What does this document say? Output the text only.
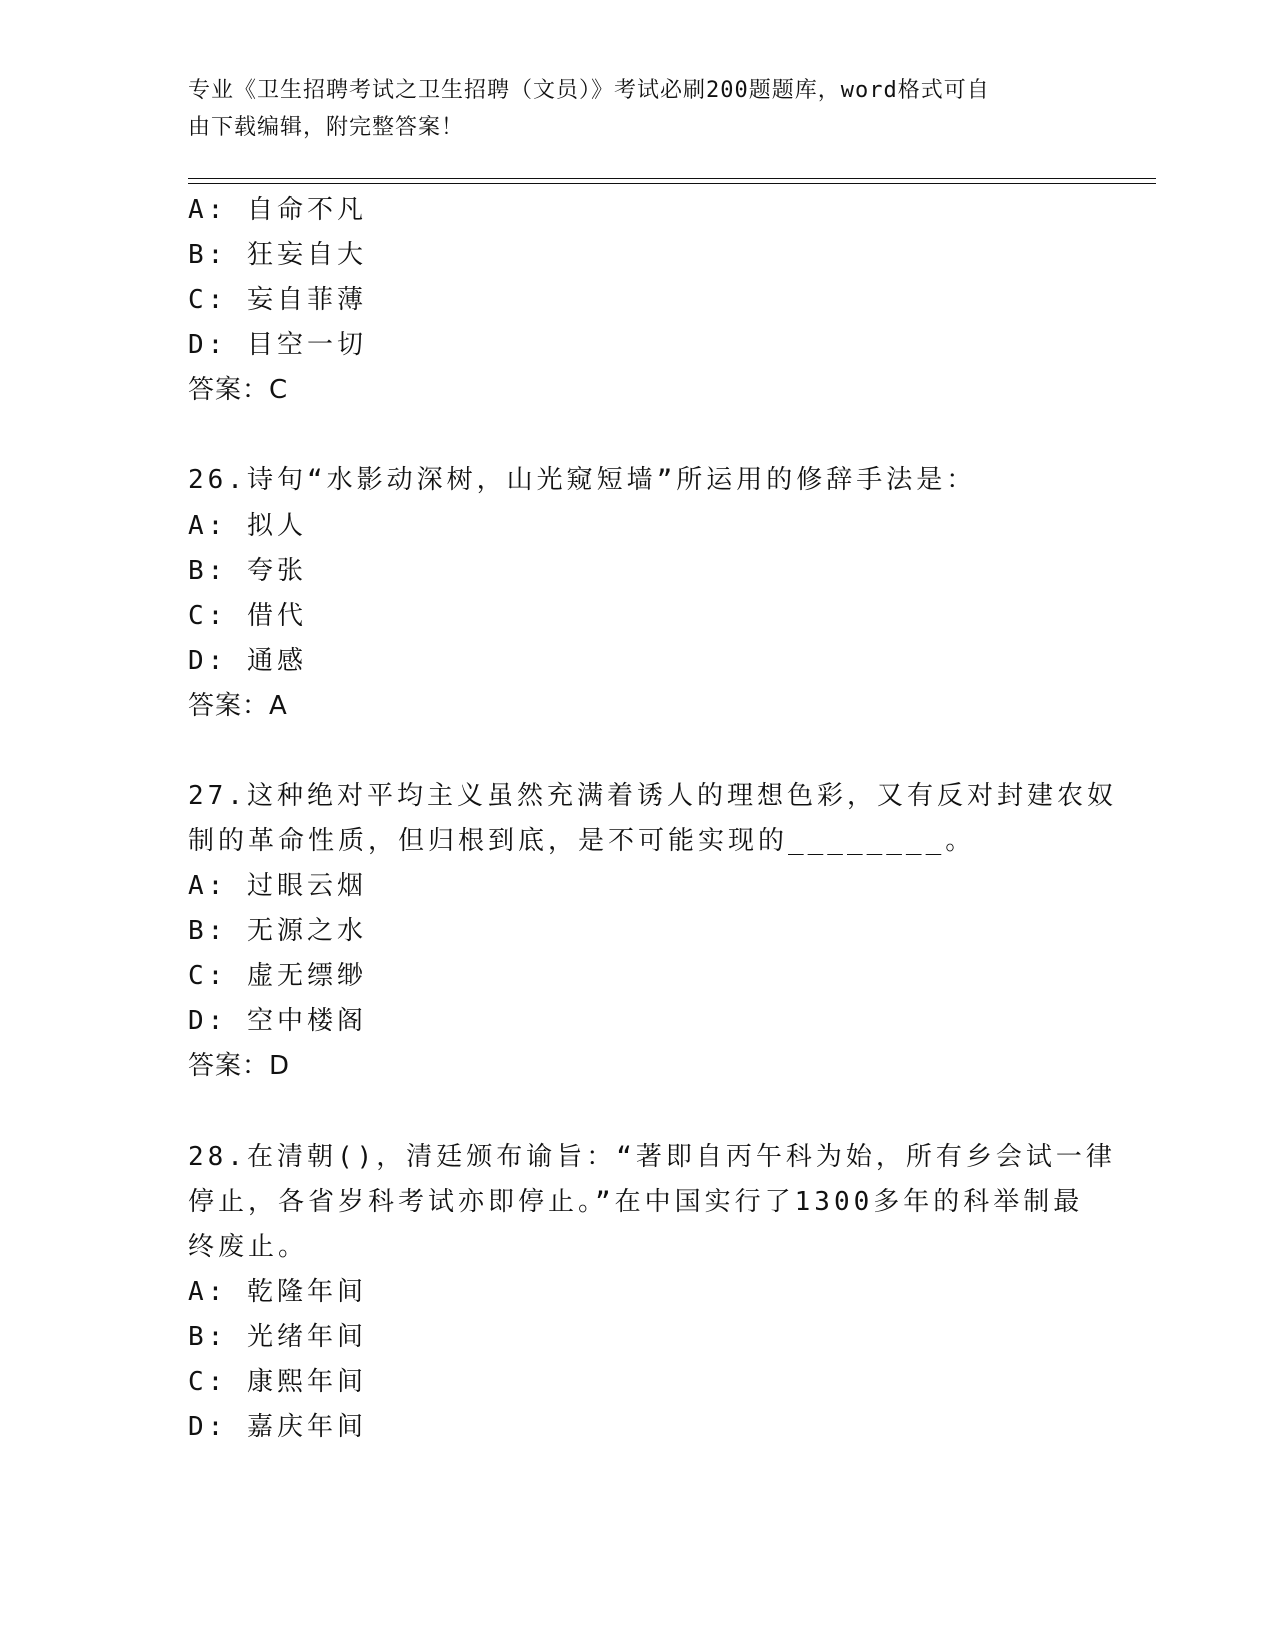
专业《卫生招聘考试之卫生招聘（文员）》考试必刷200题题库，word格式可自
由下载编辑，附完整答案！
A: 自命不凡
B: 狂妄自大
C: 妄自菲薄
D: 目空一切
答案：C
26.诗句“水影动深树，山光窥短墙”所运用的修辞手法是：
A: 拟人
B: 夸张
C: 借代
D: 通感
答案：A
27.这种绝对平均主义虽然充满着诱人的理想色彩，又有反对封建农奴
制的革命性质，但归根到底，是不可能实现的________。
A: 过眼云烟
B: 无源之水
C: 虚无缥缈
D: 空中楼阁
答案：D
28.在清朝()，清廷颁布谕旨：“著即自丙午科为始，所有乡会试一律
停止，各省岁科考试亦即停止。”在中国实行了1300多年的科举制最
终废止。
A: 乾隆年间
B: 光绪年间
C: 康熙年间
D: 嘉庆年间
